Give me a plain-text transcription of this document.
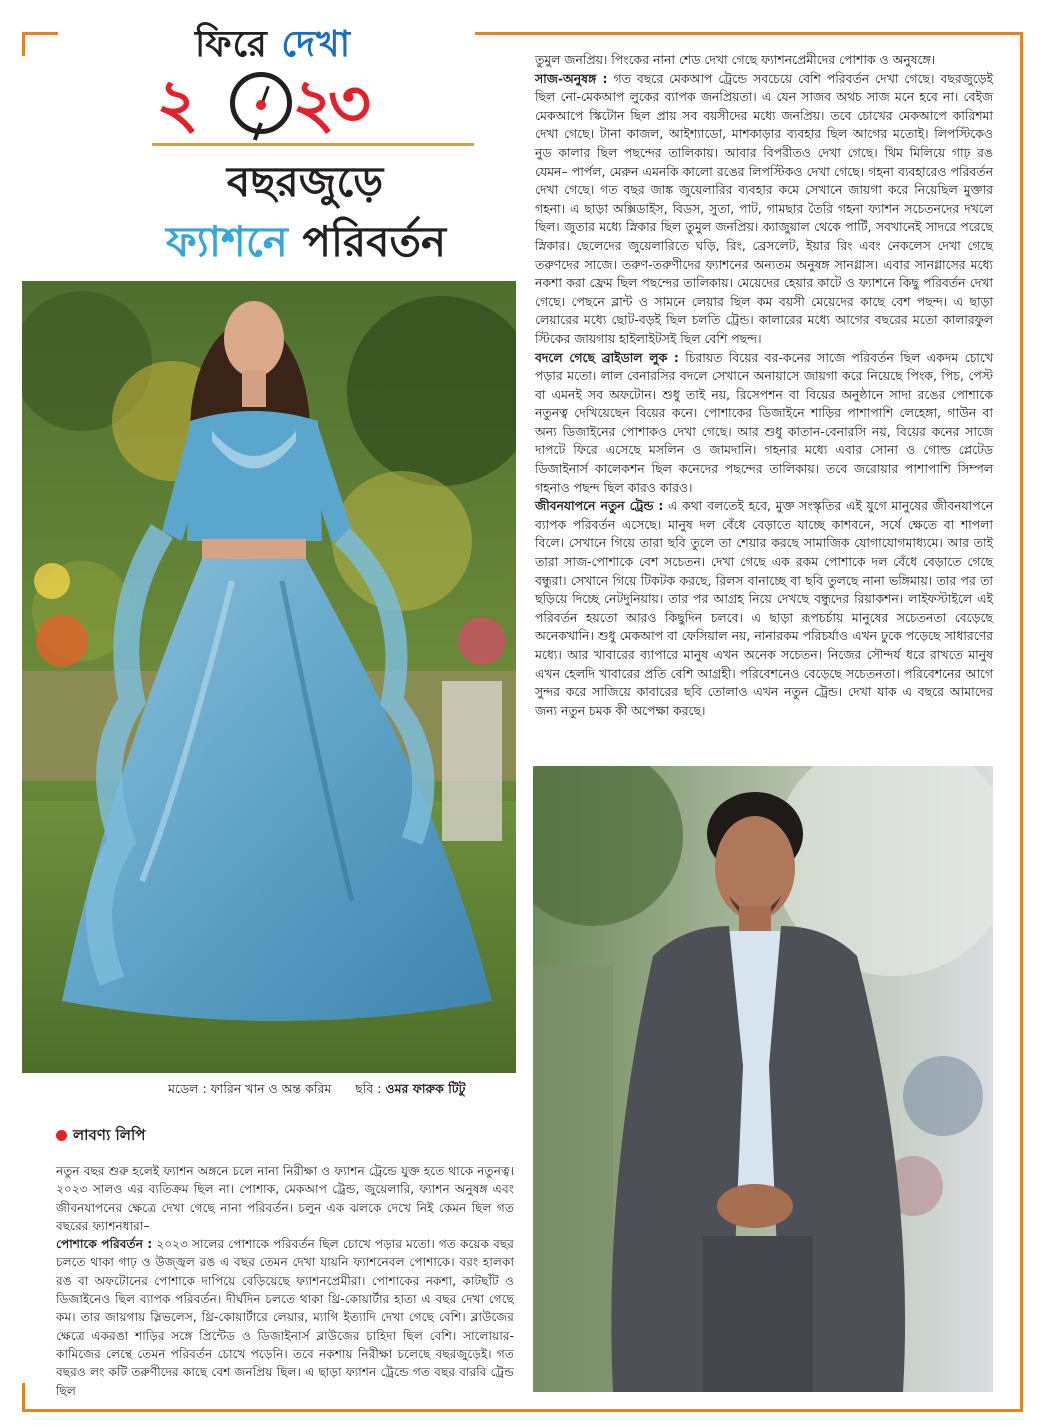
ফিরে দেখা
২ ২
৩
বছরজুড়ে
ফ্যাশনে পরিবর্তন
মডেল : ফারিন খান ও অন্ত করিম ছবি : ওমর ফারুক টিটু
লাবণ্য লিপি

নতুন বছর শুরু হলেই ফ্যাশন অঙ্গনে চলে নানা নিরীক্ষা ও ফ্যাশন ট্রেন্ডে যুক্ত হতে থাকে নতুনত্ব। ২০২৩ সালও এর ব্যতিক্রম ছিল না। পোশাক, মেকআপ ট্রেন্ড, জুয়েলারি, ফ্যাশন অনুষঙ্গ এবং জীবনযাপনের ক্ষেত্রে দেখা গেছে নানা পরিবর্তন। চলুন এক ঝলকে দেখে নিই কেমন ছিল গত বছরের ফ্যাশনধারা–

পোশাকে পরিবর্তন : ২০২৩ সালের পোশাকে পরিবর্তন ছিল চোখে পড়ার মতো। গত কয়েক বছর চলতে থাকা গাঢ় ও উজ্জ্বল রঙ এ বছর তেমন দেখা যায়নি ফ্যাশনেবল পোশাকে। বরং হালকা রঙ বা অফটোনের পোশাকে দাপিয়ে বেড়িয়েছে ফ্যাশনপ্রেমীরা। পোশাকের নকশা, কাটছাঁট ও ডিজাইনেও ছিল ব্যাপক পরিবর্তন। দীর্ঘদিন চলতে থাকা থ্রি-কোয়ার্টার হাতা এ বছর দেখা গেছে কম। তার জায়গায় স্লিভলেস, থ্রি-কোয়ার্টারে লেয়ার, ম্যাগি ইত্যাদি দেখা গেছে বেশি। ব্লাউজের ক্ষেত্রে একরঙা শাড়ির সঙ্গে প্রিন্টেড ও ডিজাইনার্স ব্লাউজের চাহিদা ছিল বেশি। সালোয়ার-কামিজের লেন্থে তেমন পরিবর্তন চোখে পড়েনি। তবে নকশায় নিরীক্ষা চলেছে বছরজুড়েই। গত বছরও লং কটি তরুণীদের কাছে বেশ জনপ্রিয় ছিল। এ ছাড়া ফ্যাশন ট্রেন্ডে গত বছর বারবি ট্রেন্ড ছিল

তুমুল জনপ্রিয়। পিংকের নানা শেড দেখা গেছে ফ্যাশনপ্রেমীদের পোশাক ও অনুষঙ্গে।

সাজ-অনুষঙ্গ : গত বছরে মেকআপ ট্রেন্ডে সবচেয়ে বেশি পরিবর্তন দেখা গেছে। বছরজুড়েই ছিল নো-মেকআপ লুকের ব্যাপক জনপ্রিয়তা। এ যেন সাজব অথচ সাজ মনে হবে না। বেইজ মেকআপে স্কিটোন ছিল প্রায় সব বয়সীদের মধ্যে জনপ্রিয়। তবে চোখের মেকআপে কারিশমা দেখা গেছে। টানা কাজল, আইশ্যাডো, মাশকাড়ার ব্যবহার ছিল আগের মতোই। লিপস্টিকেও নুড কালার ছিল পছন্দের তালিকায়। আবার বিপরীতও দেখা গেছে। থিম মিলিয়ে গাঢ় রঙ যেমন– পার্পল, মেরুন এমনকি কালো রঙের লিপস্টিকও দেখা গেছে। গহনা ব্যবহারেও পরিবর্তন দেখা গেছে। গত বছর জাঙ্ক জুয়েলারির ব্যবহার কমে সেখানে জায়গা করে নিয়েছিল মুক্তার গহনা। এ ছাড়া অক্সিডাইস, বিডস, সুতা, পাট, গামছার তৈরি গহনা ফ্যাশন সচেতনদের দখলে ছিল। জুতার মধ্যে স্নিকার ছিল তুমুল জনপ্রিয়। ক্যাজুয়াল থেকে পার্টি, সবখানেই সাদরে পরেছে স্নিকার। ছেলেদের জুয়েলারিতে ঘড়ি, রিং, ব্রেসলেট, ইয়ার রিং এবং নেকলেস দেখা গেছে তরুণদের সাজে। তরুণ-তরুণীদের ফ্যাশনের অন্যতম অনুষঙ্গ সানগ্লাস। এবার সানগ্লাসের মধ্যে নকশা করা ফ্রেম ছিল পছন্দের তালিকায়। মেয়েদের হেয়ার কাটে ও ফ্যাশনে কিছু পরিবর্তন দেখা গেছে। পেছনে ব্লান্ট ও সামনে লেয়ার ছিল কম বয়সী মেয়েদের কাছে বেশ পছন্দ। এ ছাড়া লেয়ারের মধ্যে ছোট-বড়ই ছিল চলতি ট্রেন্ড। কালারের মধ্যে আগের বছরের মতো কালারফুল স্টিকের জায়গায় হাইলাইটসই ছিল বেশি পছন্দ।

বদলে গেছে ব্রাইডাল লুক : চিরায়ত বিয়ের বর-কনের সাজে পরিবর্তন ছিল একদম চোখে পড়ার মতো। লাল বেনারসির বদলে সেখানে অনায়াসে জায়গা করে নিয়েছে পিংক, পিচ, পেস্ট বা এমনই সব অফটোন। শুধু তাই নয়, রিসেপশন বা বিয়ের অনুষ্ঠানে সাদা রঙের পোশাকে নতুনত্ব দেখিয়েছেন বিয়ের কনে। পোশাকের ডিজাইনে শাড়ির পাশাপাশি লেহেঙ্গা, গাউন বা অন্য ডিজাইনের পোশাকও দেখা গেছে। আর শুধু কাতান-বেনারসি নয়, বিয়ের কনের সাজে দাপটে ফিরে এসেছে মসলিন ও জামদানি। গহনার মধ্যে এবার সোনা ও গোল্ড প্লেটেড ডিজাইনার্স কালেকশন ছিল কনেদের পছন্দের তালিকায়। তবে জরোয়ার পাশাপাশি সিম্পল গহনাও পছন্দ ছিল কারও কারও।

জীবনযাপনে নতুন ট্রেন্ড : এ কথা বলতেই হবে, মুক্ত সংস্কৃতির এই যুগে মানুষের জীবনযাপনে ব্যাপক পরিবর্তন এসেছে। মানুষ দল বেঁধে বেড়াতে যাচ্ছে কাশবনে, সর্ষে ক্ষেতে বা শাপলা বিলে। সেখানে গিয়ে তারা ছবি তুলে তা শেয়ার করছে সামাজিক যোগাযোগমাধ্যমে। আর তাই তারা সাজ-পোশাকে বেশ সচেতন। দেখা গেছে এক রকম পোশাকে দল বেঁধে বেড়াতে গেছে বন্ধুরা। সেখানে গিয়ে টিকটক করছে, রিলস বানাচ্ছে বা ছবি তুলছে নানা ভঙ্গিমায়। তার পর তা ছড়িয়ে দিচ্ছে নেটদুনিয়ায়। তার পর আগ্রহ নিয়ে দেখছে বন্ধুদের রিয়াকশন। লাইফস্টাইলে এই পরিবর্তন হয়তো আরও কিছুদিন চলবে। এ ছাড়া রূপচর্চায় মানুষের সচেতনতা বেড়েছে অনেকখানি। শুধু মেকআপ বা ফেসিয়াল নয়, নানারকম পরিচর্যাও এখন ঢুকে পড়েছে সাধারণের মধ্যে। আর খাবারের ব্যাপারে মানুষ এখন অনেক সচেতন। নিজের সৌন্দর্য ধরে রাখতে মানুষ এখন হেলদি খাবারের প্রতি বেশি আগ্রহী। পরিবেশনেও বেড়েছে সচেতনতা। পরিবেশনের আগে সুন্দর করে সাজিয়ে কাবারের ছবি তোলাও এখন নতুন ট্রেন্ড। দেখা যাক এ বছরে আমাদের জন্য নতুন চমক কী অপেক্ষা করছে।
